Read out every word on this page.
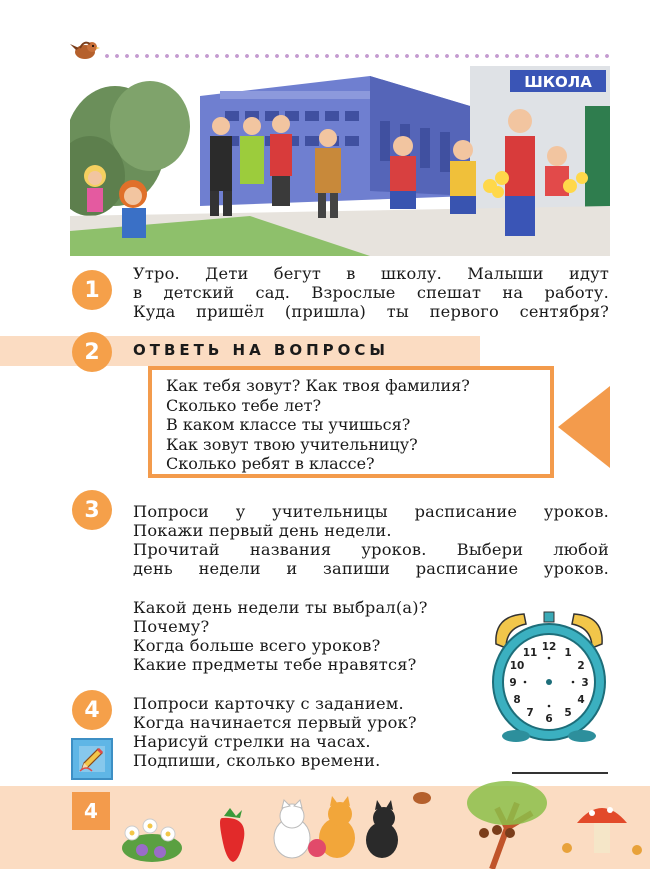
ШКОЛА
1
Утро. Дети бегут в школу. Малыши идут
в детский сад. Взрослые спешат на работу.
Куда пришёл (пришла) ты первого сентября?
2	ОТВЕТЬ НА ВОПРОСЫ
Как тебя зовут? Как твоя фамилия?
Сколько тебе лет?
В каком классе ты учишься?
Как зовут твою учительницу?
Сколько ребят в классе?
3	Попроси у учительницы расписание уроков.
Покажи первый день недели.
Прочитай названия уроков. Выбери любой
день недели и запиши расписание уроков.
Какой день недели ты выбрал(а)?
Почему?
Когда больше всего уроков?
Какие предметы тебе нравятся?
12 1
2
3
4
5
6
7
8
9
10
11
4	Попроси карточку с заданием.
Когда начинается первый урок?
Нарисуй стрелки на часах.
Подпиши, сколько времени.
4
